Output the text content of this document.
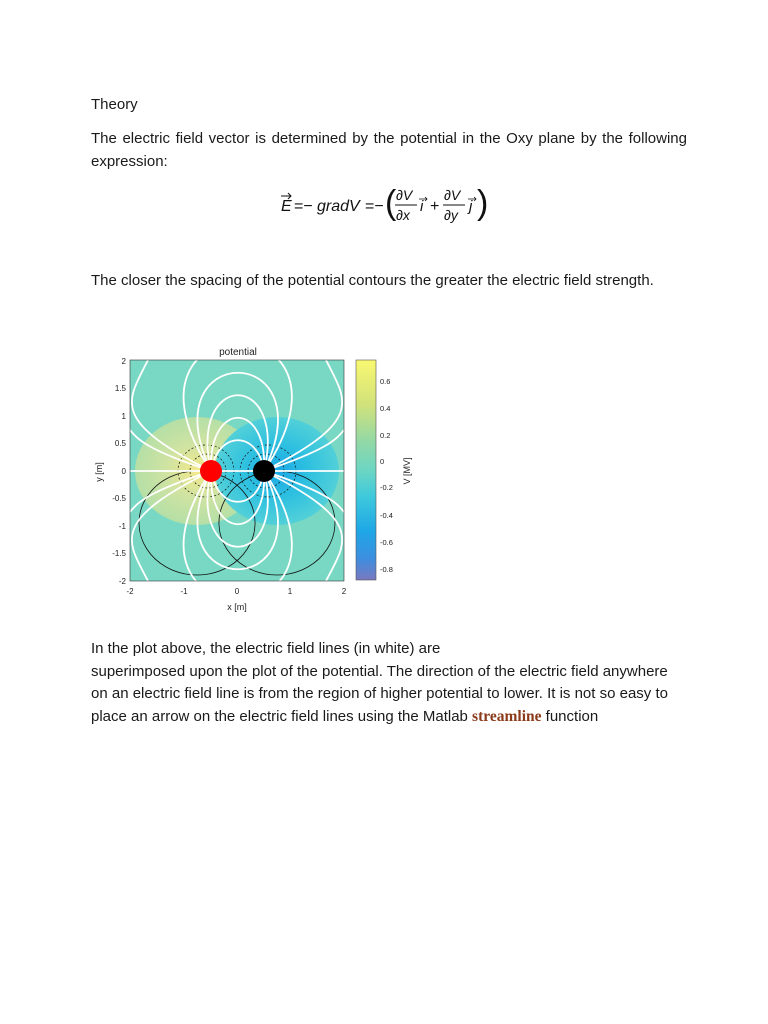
Theory

The electric field vector is determined by the potential in the Oxy plane by the following expression:

E =− gradV =− ( ∂V
∂x i +
∂V
∂y j )

The closer the spacing of the potential contours the greater the electric field strength.

potential
2
1.5
1
0.5
0
-0.5
-1
-1.5
-2
-2	-1	0	1	2
x [m]
y [m]
0.6
0.4
0.2
0
-0.2
-0.4
-0.6
-0.8
V [MV]
In the plot above, the electric field lines (in white) are
superimposed upon the plot of the potential. The direction of the electric field anywhere on an electric field line is from the region of higher potential to lower. It is not so easy to place an arrow on the electric field lines using the Matlab streamline function
